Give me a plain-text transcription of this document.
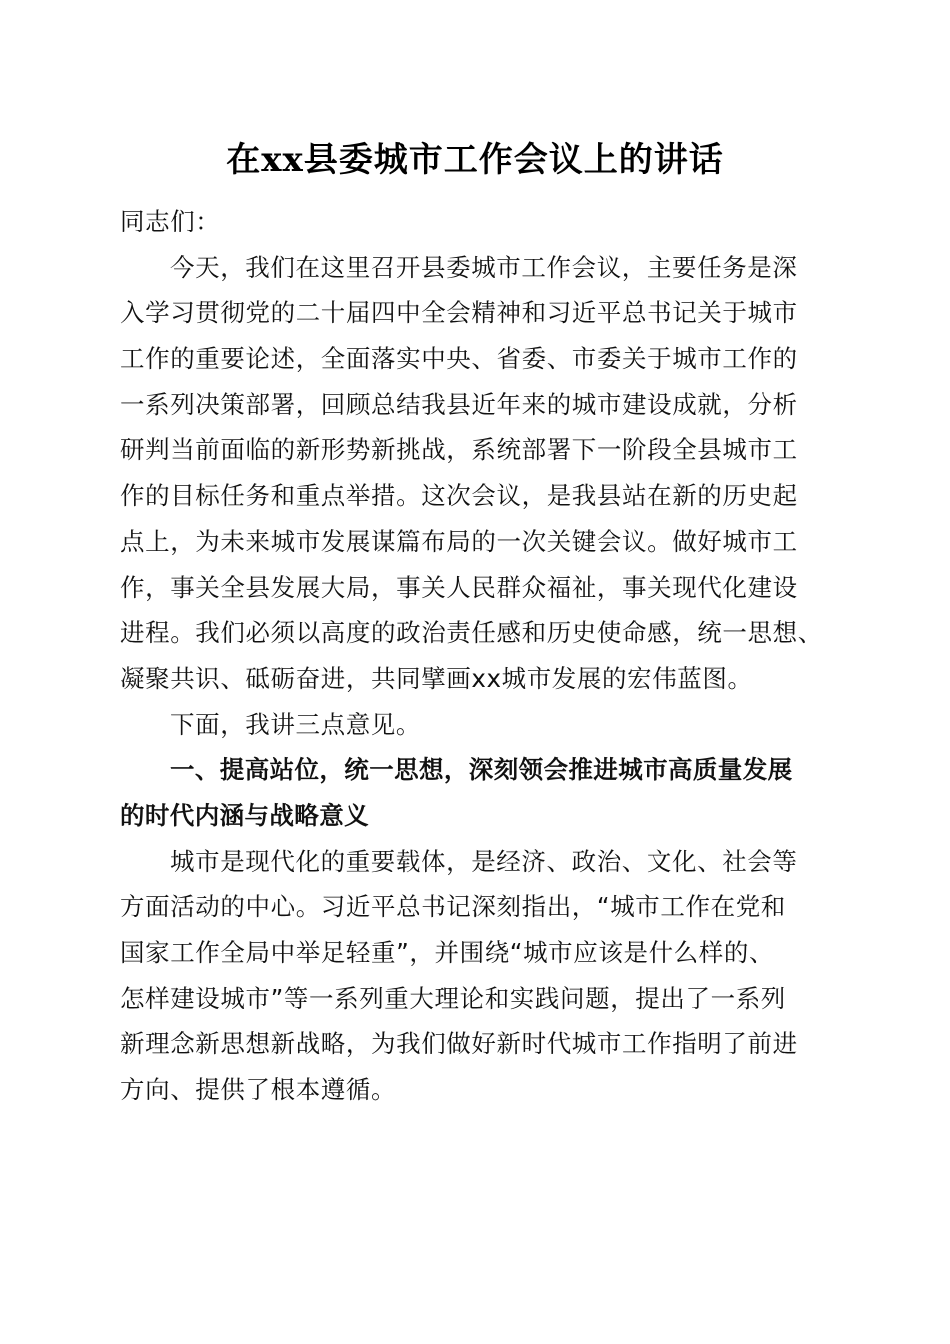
在xx县委城市工作会议上的讲话
同志们：
今天，我们在这里召开县委城市工作会议，主要任务是深
入学习贯彻党的二十届四中全会精神和习近平总书记关于城市
工作的重要论述，全面落实中央、省委、市委关于城市工作的
一系列决策部署，回顾总结我县近年来的城市建设成就，分析
研判当前面临的新形势新挑战，系统部署下一阶段全县城市工
作的目标任务和重点举措。这次会议，是我县站在新的历史起
点上，为未来城市发展谋篇布局的一次关键会议。做好城市工
作，事关全县发展大局，事关人民群众福祉，事关现代化建设
进程。我们必须以高度的政治责任感和历史使命感，统一思想、
凝聚共识、砥砺奋进，共同擘画xx城市发展的宏伟蓝图。
下面，我讲三点意见。
一、提高站位，统一思想，深刻领会推进城市高质量发展
的时代内涵与战略意义
城市是现代化的重要载体，是经济、政治、文化、社会等
方面活动的中心。习近平总书记深刻指出，“城市工作在党和
国家工作全局中举足轻重”，并围绕“城市应该是什么样的、
怎样建设城市”等一系列重大理论和实践问题，提出了一系列
新理念新思想新战略，为我们做好新时代城市工作指明了前进
方向、提供了根本遵循。
